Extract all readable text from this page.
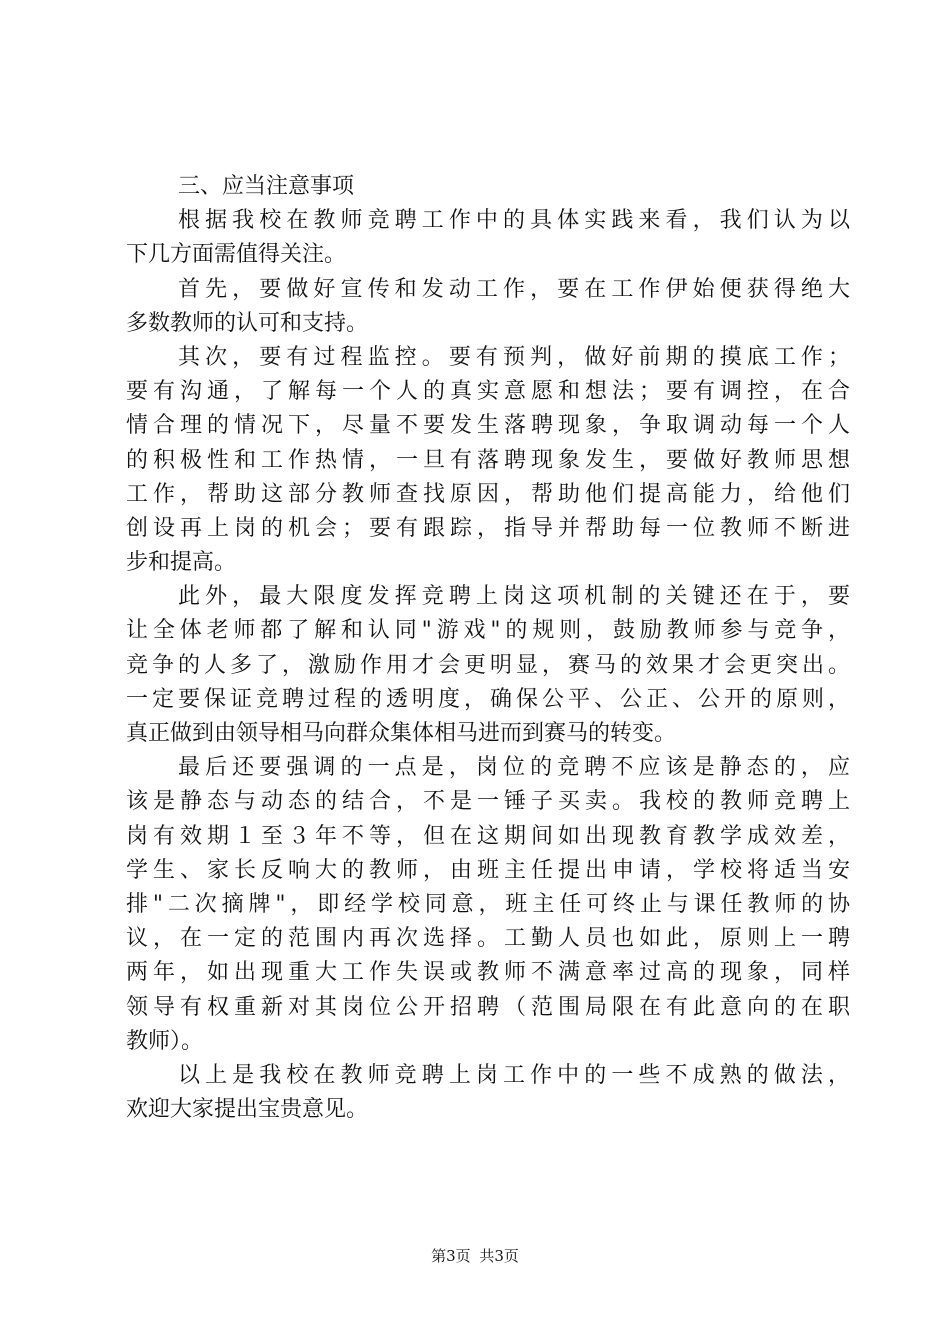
三、应当注意事项
根据我校在教师竞聘工作中的具体实践来看，我们认为以
下几方面需值得关注。
首先，要做好宣传和发动工作，要在工作伊始便获得绝大
多数教师的认可和支持。
其次，要有过程监控。要有预判，做好前期的摸底工作；
要有沟通，了解每一个人的真实意愿和想法；要有调控，在合
情合理的情况下，尽量不要发生落聘现象，争取调动每一个人
的积极性和工作热情，一旦有落聘现象发生，要做好教师思想
工作，帮助这部分教师查找原因，帮助他们提高能力，给他们
创设再上岗的机会；要有跟踪，指导并帮助每一位教师不断进
步和提高。
此外，最大限度发挥竞聘上岗这项机制的关键还在于，要
让全体老师都了解和认同"游戏"的规则，鼓励教师参与竞争，
竞争的人多了，激励作用才会更明显，赛马的效果才会更突出。
一定要保证竞聘过程的透明度，确保公平、公正、公开的原则，
真正做到由领导相马向群众集体相马进而到赛马的转变。
最后还要强调的一点是，岗位的竞聘不应该是静态的，应
该是静态与动态的结合，不是一锤子买卖。我校的教师竞聘上
岗有效期１至３年不等，但在这期间如出现教育教学成效差，
学生、家长反响大的教师，由班主任提出申请，学校将适当安
排"二次摘牌"，即经学校同意，班主任可终止与课任教师的协
议，在一定的范围内再次选择。工勤人员也如此，原则上一聘
两年，如出现重大工作失误或教师不满意率过高的现象，同样
领导有权重新对其岗位公开招聘（范围局限在有此意向的在职
教师）。
以上是我校在教师竞聘上岗工作中的一些不成熟的做法，
欢迎大家提出宝贵意见。
第3页 共3页
